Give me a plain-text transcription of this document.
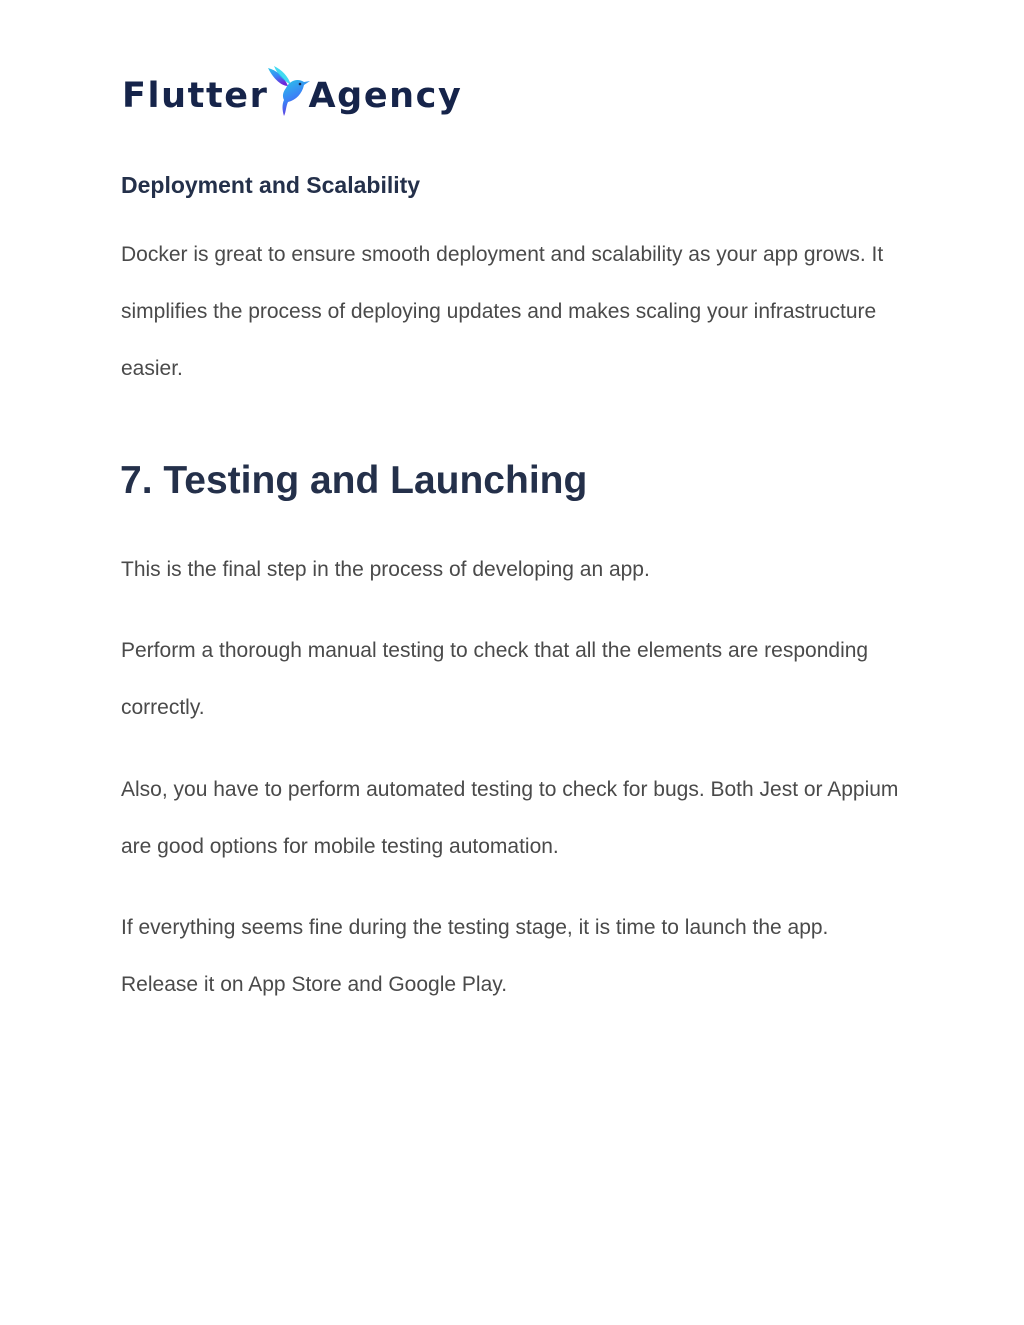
Flutter Agency
Deployment and Scalability

Docker is great to ensure smooth deployment and scalability as your app grows. It simplifies the process of deploying updates and makes scaling your infrastructure easier.

7. Testing and Launching

This is the final step in the process of developing an app.

Perform a thorough manual testing to check that all the elements are responding correctly.

Also, you have to perform automated testing to check for bugs. Both Jest or Appium are good options for mobile testing automation.

If everything seems fine during the testing stage, it is time to launch the app. Release it on App Store and Google Play.
